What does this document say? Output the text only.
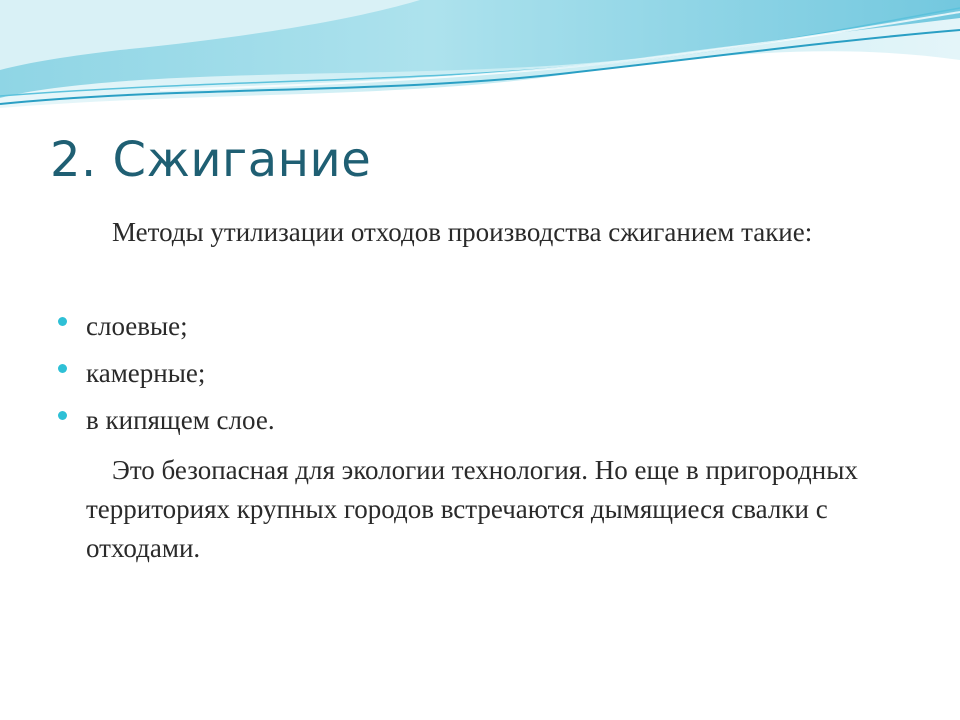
2. Сжигание

Методы утилизации отходов производства сжиганием такие:

слоевые;
камерные;
в кипящем слое.

Это безопасная для экологии технология. Но еще в пригородных территориях крупных городов встречаются дымящиеся свалки с отходами.
